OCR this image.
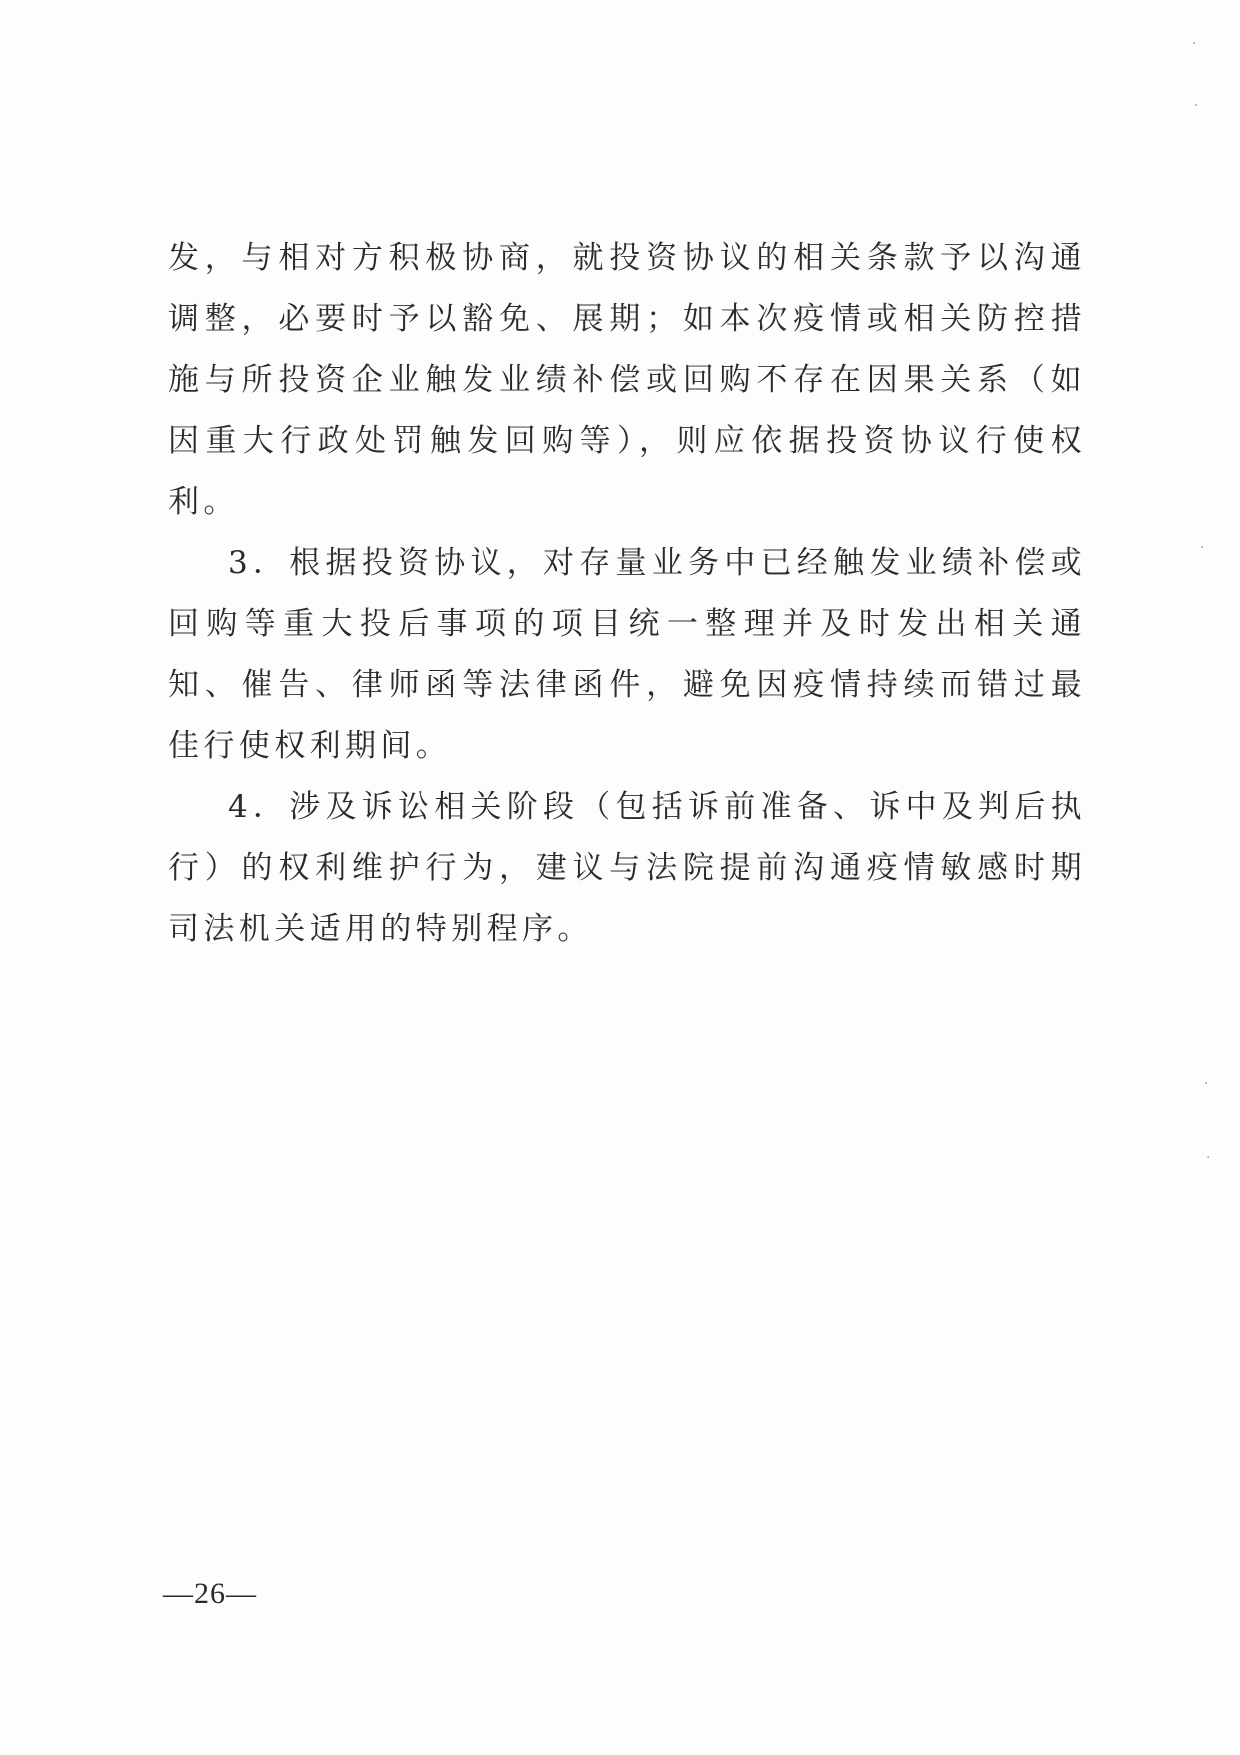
发，与相对方积极协商，就投资协议的相关条款予以沟通调整，必要时予以豁免、展期；如本次疫情或相关防控措施与所投资企业触发业绩补偿或回购不存在因果关系（如因重大行政处罚触发回购等），则应依据投资协议行使权利。

3．根据投资协议，对存量业务中已经触发业绩补偿或回购等重大投后事项的项目统一整理并及时发出相关通知、催告、律师函等法律函件，避免因疫情持续而错过最佳行使权利期间。

4．涉及诉讼相关阶段（包括诉前准备、诉中及判后执行）的权利维护行为，建议与法院提前沟通疫情敏感时期司法机关适用的特别程序。

—26—
·
·
·
·
·
